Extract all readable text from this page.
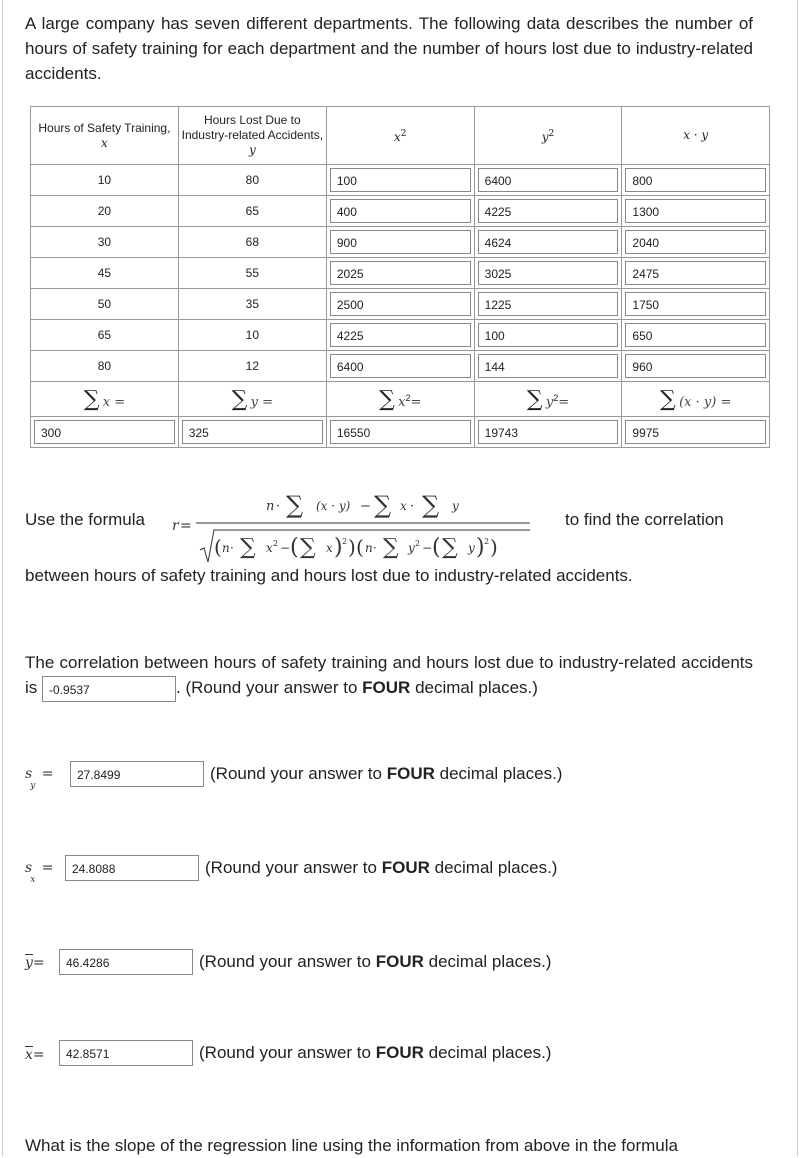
A large company has seven different departments. The following data describes the number of hours of safety training for each department and the number of hours lost due to industry-related accidents.
Hours of Safety Training,
x	Hours Lost Due to Industry-related Accidents, y	$x^2$	$y^2$	x · y
10	80	100	6400	800

20	65	400	4225	1300

30	68	900	4624	2040

45	55	2025	3025	2475

50	35	2500	1225	1750

65	10	4225	100	650

80	12	6400	144	960

∑ x =	∑ y =	∑ $x^2=$	∑ $y^2=$	∑ (x · y) =

300	325	16550	19743	9975
Use the formula	to find the correlation
r =
n · ∑ (x · y) − ∑ x · ∑ y
( n · ∑ x 2 − ( ∑ x ) 2 ) ( n · ∑ y 2 − ( ∑ y ) 2 )
between hours of safety training and hours lost due to industry-related accidents.
The correlation between hours of safety training and hours lost due to industry-related accidents is -0.9537	. (Round your answer to FOUR decimal places.)
$s_y$ =	27.8499	(Round your answer to FOUR decimal places.)
$s_x$ =	24.8088	(Round your answer to FOUR decimal places.)
$\overline{y}=$	46.4286	(Round your answer to FOUR decimal places.)
$\overline{x}=$	42.8571	(Round your answer to FOUR decimal places.)
What is the slope of the regression line using the information from above in the formula
